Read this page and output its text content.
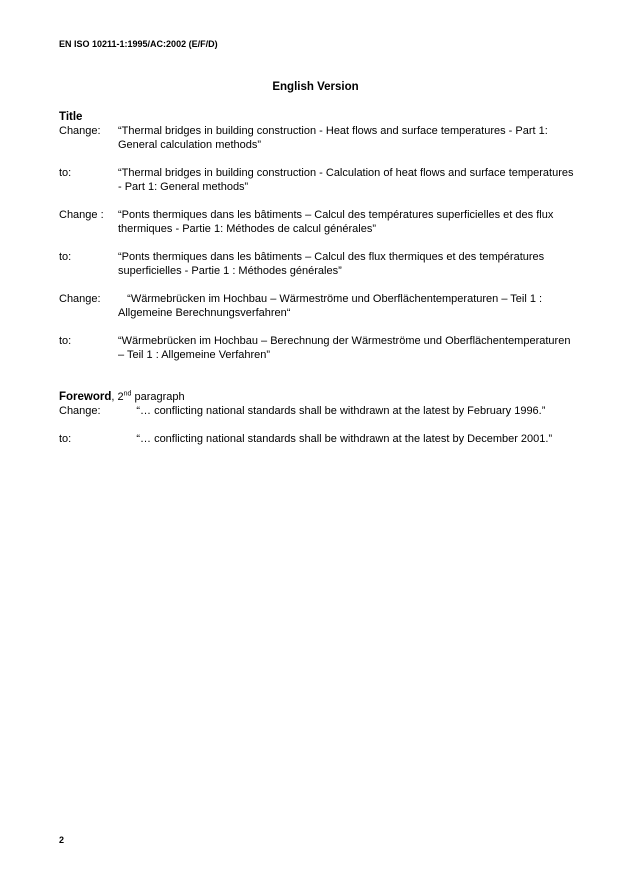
EN ISO 10211-1:1995/AC:2002 (E/F/D)
English Version
Title
Change:	“Thermal bridges in building construction - Heat flows and surface temperatures - Part 1: General calculation methods”
to:	“Thermal bridges in building construction - Calculation of heat flows and surface temperatures - Part 1: General methods”
Change :	“Ponts thermiques dans les bâtiments – Calcul des températures superficielles et des flux thermiques - Partie 1: Méthodes de calcul générales”
to:	“Ponts thermiques dans les bâtiments – Calcul des flux thermiques et des températures superficielles - Partie 1 : Méthodes générales”
Change:	“Wärmebrücken im Hochbau – Wärmeströme und Oberflächentemperaturen – Teil 1 : Allgemeine Berechnungsverfahren“
to:	“Wärmebrücken im Hochbau – Berechnung der Wärmeströme und Oberflächentemperaturen – Teil 1 : Allgemeine Verfahren”
Foreword, 2nd paragraph
Change:	“… conflicting national standards shall be withdrawn at the latest by February 1996.”
to:	“… conflicting national standards shall be withdrawn at the latest by December 2001.”
2
